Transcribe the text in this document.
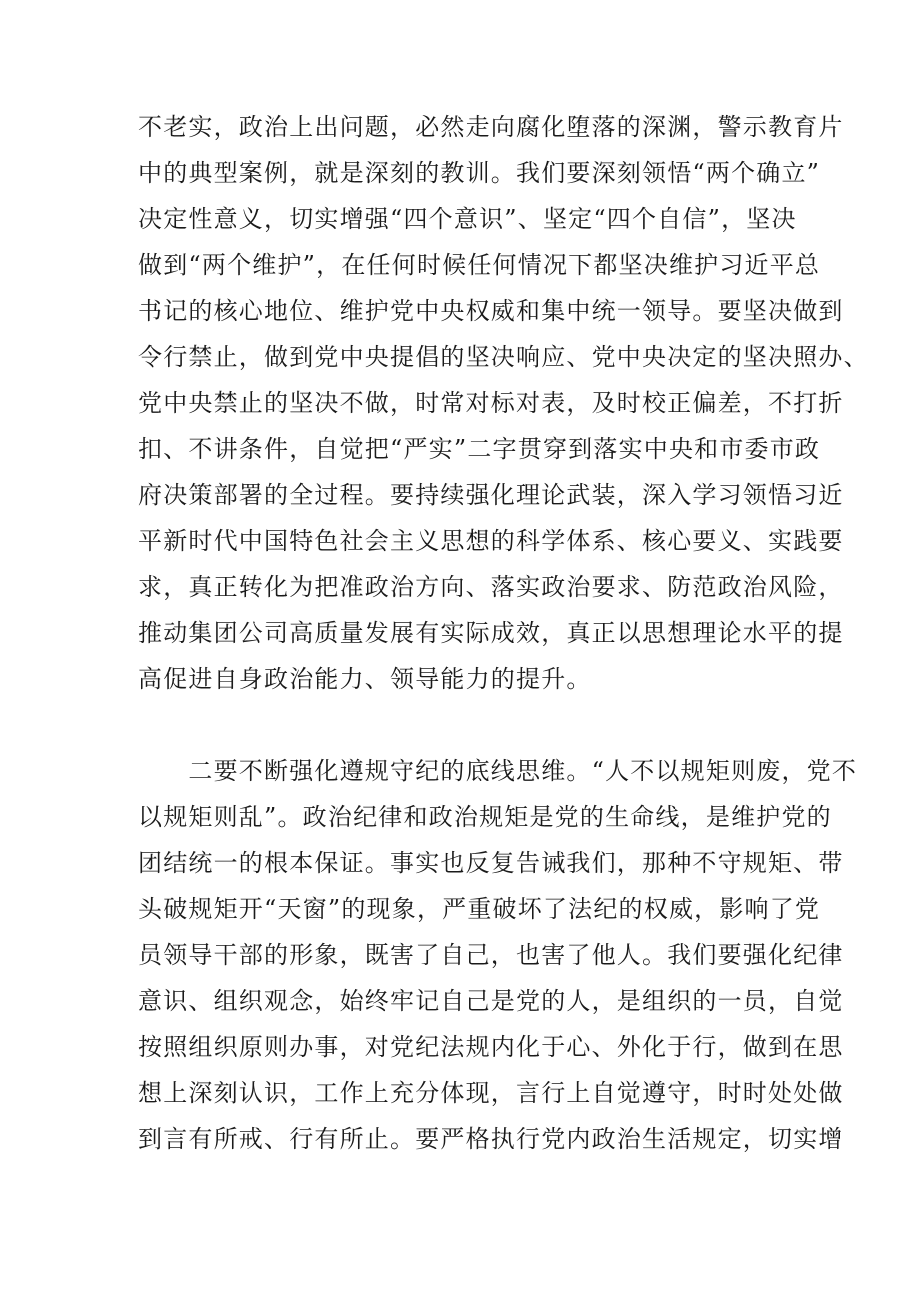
不老实，政治上出问题，必然走向腐化堕落的深渊，警示教育片
中的典型案例，就是深刻的教训。我们要深刻领悟“两个确立”
决定性意义，切实增强“四个意识”、坚定“四个自信”，坚决
做到“两个维护”，在任何时候任何情况下都坚决维护习近平总
书记的核心地位、维护党中央权威和集中统一领导。要坚决做到
令行禁止，做到党中央提倡的坚决响应、党中央决定的坚决照办、
党中央禁止的坚决不做，时常对标对表，及时校正偏差，不打折
扣、不讲条件，自觉把“严实”二字贯穿到落实中央和市委市政
府决策部署的全过程。要持续强化理论武装，深入学习领悟习近
平新时代中国特色社会主义思想的科学体系、核心要义、实践要
求，真正转化为把准政治方向、落实政治要求、防范政治风险，
推动集团公司高质量发展有实际成效，真正以思想理论水平的提
高促进自身政治能力、领导能力的提升。
　　二要不断强化遵规守纪的底线思维。“人不以规矩则废，党不
以规矩则乱”。政治纪律和政治规矩是党的生命线，是维护党的
团结统一的根本保证。事实也反复告诫我们，那种不守规矩、带
头破规矩开“天窗”的现象，严重破坏了法纪的权威，影响了党
员领导干部的形象，既害了自己，也害了他人。我们要强化纪律
意识、组织观念，始终牢记自己是党的人，是组织的一员，自觉
按照组织原则办事，对党纪法规内化于心、外化于行，做到在思
想上深刻认识，工作上充分体现，言行上自觉遵守，时时处处做
到言有所戒、行有所止。要严格执行党内政治生活规定，切实增
